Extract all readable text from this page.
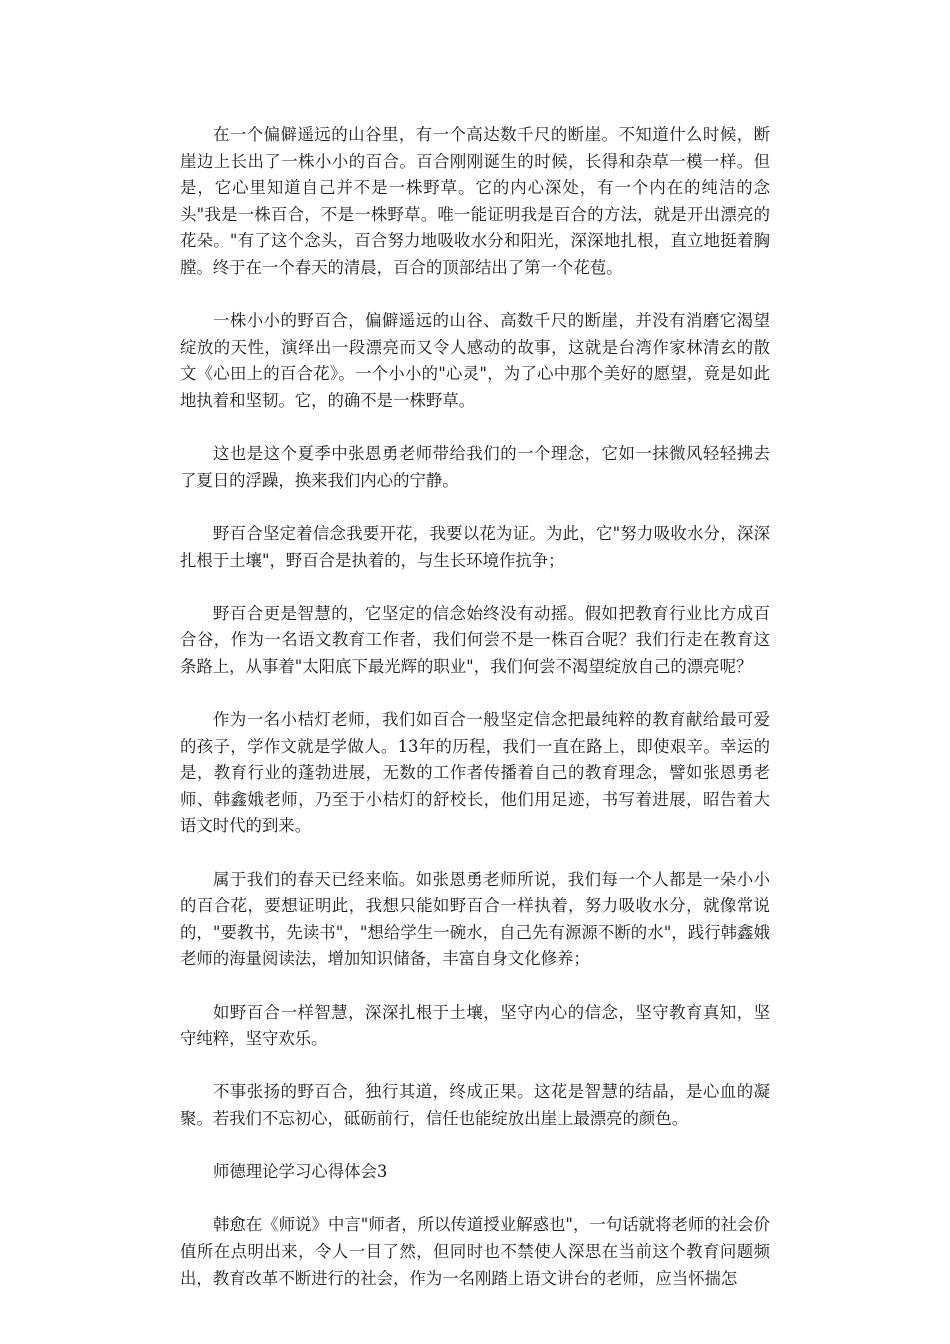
在一个偏僻遥远的山谷里，有一个高达数千尺的断崖。不知道什么时候，断崖边上长出了一株小小的百合。百合刚刚诞生的时候，长得和杂草一模一样。但是，它心里知道自己并不是一株野草。它的内心深处，有一个内在的纯洁的念头"我是一株百合，不是一株野草。唯一能证明我是百合的方法，就是开出漂亮的花朵。"有了这个念头，百合努力地吸收水分和阳光，深深地扎根，直立地挺着胸膛。终于在一个春天的清晨，百合的顶部结出了第一个花苞。

一株小小的野百合，偏僻遥远的山谷、高数千尺的断崖，并没有消磨它渴望绽放的天性，演绎出一段漂亮而又令人感动的故事，这就是台湾作家林清玄的散文《心田上的百合花》。一个小小的"心灵"，为了心中那个美好的愿望，竟是如此地执着和坚韧。它，的确不是一株野草。

这也是这个夏季中张恩勇老师带给我们的一个理念，它如一抹微风轻轻拂去了夏日的浮躁，换来我们内心的宁静。

野百合坚定着信念我要开花，我要以花为证。为此，它"努力吸收水分，深深扎根于土壤"，野百合是执着的，与生长环境作抗争；

野百合更是智慧的，它坚定的信念始终没有动摇。假如把教育行业比方成百合谷，作为一名语文教育工作者，我们何尝不是一株百合呢？我们行走在教育这条路上，从事着"太阳底下最光辉的职业"，我们何尝不渴望绽放自己的漂亮呢？

作为一名小桔灯老师，我们如百合一般坚定信念把最纯粹的教育献给最可爱的孩子，学作文就是学做人。13年的历程，我们一直在路上，即使艰辛。幸运的是，教育行业的蓬勃进展，无数的工作者传播着自己的教育理念，譬如张恩勇老师、韩鑫娥老师，乃至于小桔灯的舒校长，他们用足迹，书写着进展，昭告着大语文时代的到来。

属于我们的春天已经来临。如张恩勇老师所说，我们每一个人都是一朵小小的百合花，要想证明此，我想只能如野百合一样执着，努力吸收水分，就像常说的，"要教书，先读书"，"想给学生一碗水，自己先有源源不断的水"，践行韩鑫娥老师的海量阅读法，增加知识储备，丰富自身文化修养；

如野百合一样智慧，深深扎根于土壤，坚守内心的信念，坚守教育真知，坚守纯粹，坚守欢乐。

不事张扬的野百合，独行其道，终成正果。这花是智慧的结晶，是心血的凝聚。若我们不忘初心，砥砺前行，信任也能绽放出崖上最漂亮的颜色。

师德理论学习心得体会3

韩愈在《师说》中言"师者，所以传道授业解惑也"，一句话就将老师的社会价值所在点明出来，令人一目了然，但同时也不禁使人深思在当前这个教育问题频出，教育改革不断进行的社会，作为一名刚踏上语文讲台的老师，应当怀揣怎
